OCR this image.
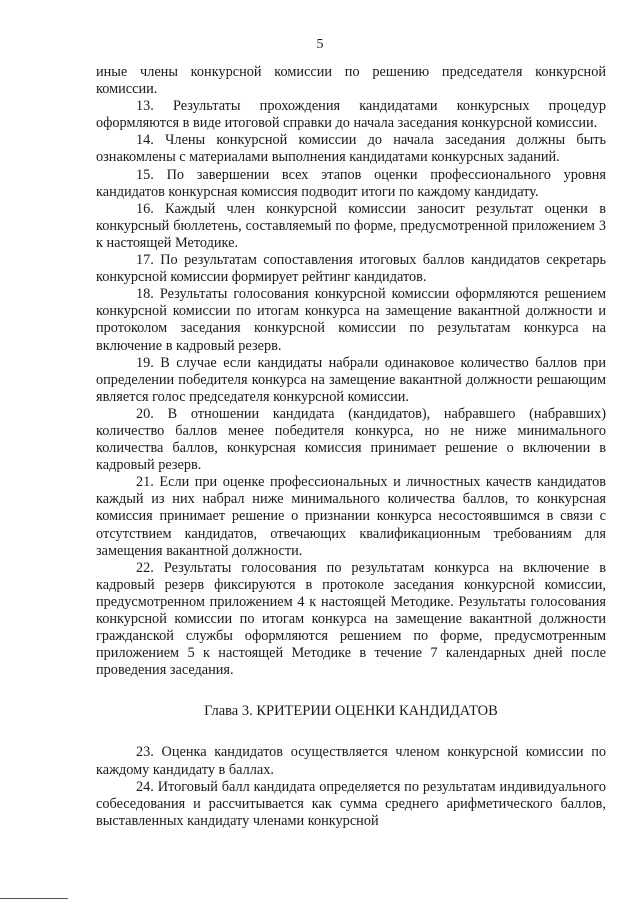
5

иные члены конкурсной комиссии по решению председателя конкурсной комиссии.

13. Результаты прохождения кандидатами конкурсных процедур оформляются в виде итоговой справки до начала заседания конкурсной комиссии.

14. Члены конкурсной комиссии до начала заседания должны быть ознакомлены с материалами выполнения кандидатами конкурсных заданий.

15. По завершении всех этапов оценки профессионального уровня кандидатов конкурсная комиссия подводит итоги по каждому кандидату.

16. Каждый член конкурсной комиссии заносит результат оценки в конкурсный бюллетень, составляемый по форме, предусмотренной приложением 3 к настоящей Методике.

17. По результатам сопоставления итоговых баллов кандидатов секретарь конкурсной комиссии формирует рейтинг кандидатов.

18. Результаты голосования конкурсной комиссии оформляются решением конкурсной комиссии по итогам конкурса на замещение вакантной должности и протоколом заседания конкурсной комиссии по результатам конкурса на включение в кадровый резерв.

19. В случае если кандидаты набрали одинаковое количество баллов при определении победителя конкурса на замещение вакантной должности решающим является голос председателя конкурсной комиссии.

20. В отношении кандидата (кандидатов), набравшего (набравших) количество баллов менее победителя конкурса, но не ниже минимального количества баллов, конкурсная комиссия принимает решение о включении в кадровый резерв.

21. Если при оценке профессиональных и личностных качеств кандидатов каждый из них набрал ниже минимального количества баллов, то конкурсная комиссия принимает решение о признании конкурса несостоявшимся в связи с отсутствием кандидатов, отвечающих квалификационным требованиям для замещения вакантной должности.

22. Результаты голосования по результатам конкурса на включение в кадровый резерв фиксируются в протоколе заседания конкурсной комиссии, предусмотренном приложением 4 к настоящей Методике. Результаты голосования конкурсной комиссии по итогам конкурса на замещение вакантной должности гражданской службы оформляются решением по форме, предусмотренным приложением 5 к настоящей Методике в течение 7 календарных дней после проведения заседания.

Глава 3. КРИТЕРИИ ОЦЕНКИ КАНДИДАТОВ

23. Оценка кандидатов осуществляется членом конкурсной комиссии по каждому кандидату в баллах.

24. Итоговый балл кандидата определяется по результатам индивидуального собеседования и рассчитывается как сумма среднего арифметического баллов, выставленных кандидату членами конкурсной
